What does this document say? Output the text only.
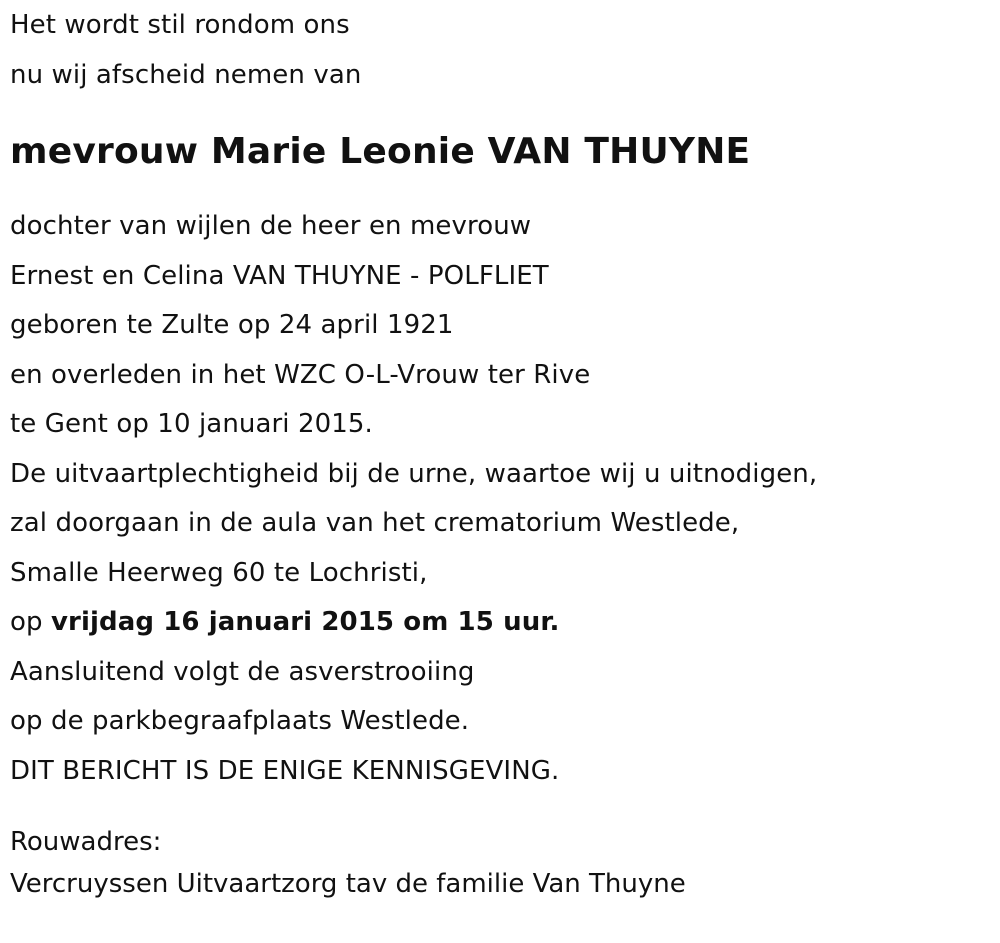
Het wordt stil rondom ons
nu wij afscheid nemen van
mevrouw Marie Leonie VAN THUYNE
dochter van wijlen de heer en mevrouw
Ernest en Celina VAN THUYNE - POLFLIET
geboren te Zulte op 24 april 1921
en overleden in het WZC O-L-Vrouw ter Rive
te Gent op 10 januari 2015.
De uitvaartplechtigheid bij de urne, waartoe wij u uitnodigen,
zal doorgaan in de aula van het crematorium Westlede,
Smalle Heerweg 60 te Lochristi,
op vrijdag 16 januari 2015 om 15 uur.
Aansluitend volgt de asverstrooiing
op de parkbegraafplaats Westlede.
DIT BERICHT IS DE ENIGE KENNISGEVING.
Rouwadres:
Vercruyssen Uitvaartzorg tav de familie Van Thuyne
